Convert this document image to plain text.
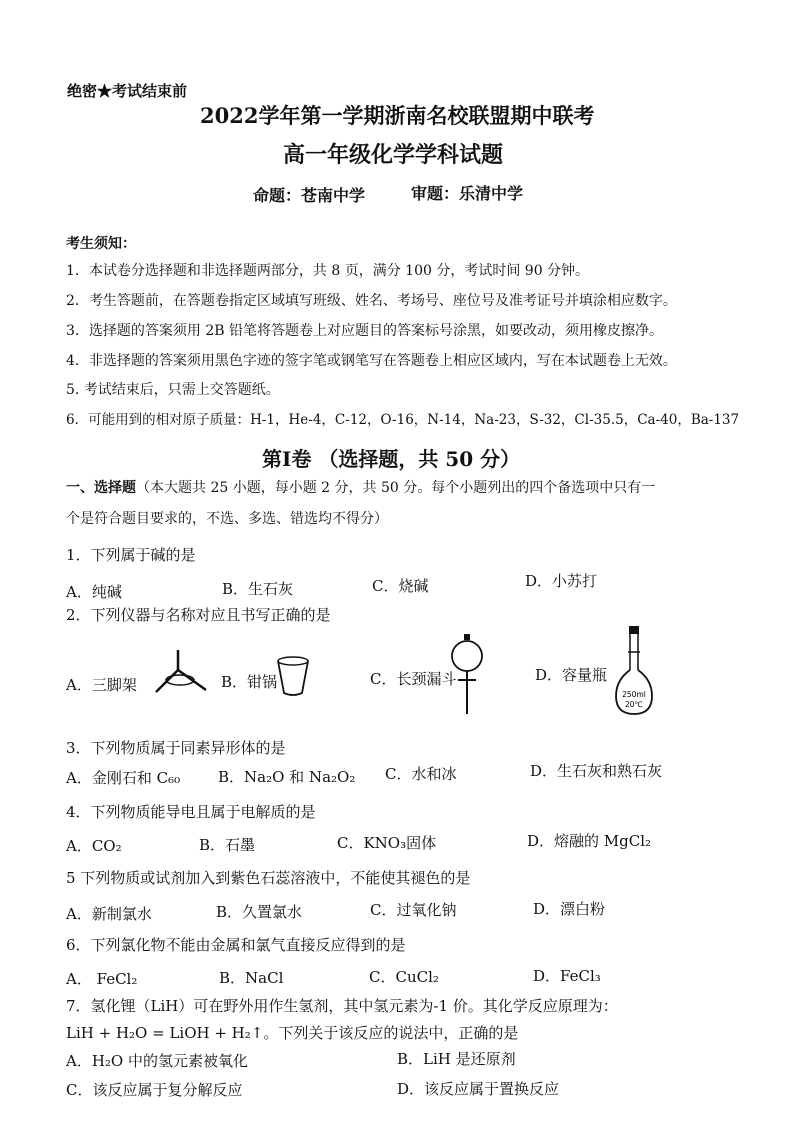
绝密★考试结束前
2022学年第一学期浙南名校联盟期中联考
高一年级化学学科试题
命题：苍南中学	审题：乐清中学
考生须知：
1．本试卷分选择题和非选择题两部分，共 8 页，满分 100 分，考试时间 90 分钟。
2．考生答题前，在答题卷指定区域填写班级、姓名、考场号、座位号及准考证号并填涂相应数字。
3．选择题的答案须用 2B 铅笔将答题卷上对应题目的答案标号涂黑，如要改动，须用橡皮擦净。
4．非选择题的答案须用黑色字迹的签字笔或钢笔写在答题卷上相应区域内，写在本试题卷上无效。
5. 考试结束后，只需上交答题纸。
6．可能用到的相对原子质量：H-1，He-4，C-12，O-16，N-14，Na-23，S-32，Cl-35.5，Ca-40，Ba-137
第Ⅰ卷 （选择题，共 50 分）
一、选择题（本大题共 25 小题，每小题 2 分，共 50 分。每个小题列出的四个备选项中只有一
个是符合题目要求的，不选、多选、错选均不得分）
1．下列属于碱的是
A．纯碱	B．生石灰	C．烧碱	D．小苏打
2．下列仪器与名称对应且书写正确的是
A．三脚架	B．钳锅	C．长颈漏斗	D．容量瓶
250ml
20℃
3．下列物质属于同素异形体的是
A．金刚石和 C₆₀	B．Na₂O 和 Na₂O₂ C．水和冰	D．生石灰和熟石灰
4．下列物质能导电且属于电解质的是
A．CO₂	B．石墨	C．KNO₃固体	D．熔融的 MgCl₂
5 下列物质或试剂加入到紫色石蕊溶液中，不能使其褪色的是
A．新制氯水	B．久置氯水	C．过氧化钠	D．漂白粉
6．下列氯化物不能由金属和氯气直接反应得到的是
A． FeCl₂	B．NaCl	C．CuCl₂	D．FeCl₃
7．氢化锂（LiH）可在野外用作生氢剂，其中氢元素为-1 价。其化学反应原理为：
LiH + H₂O = LiOH + H₂↑。下列关于该反应的说法中，正确的是
A．H₂O 中的氢元素被氧化	B．LiH 是还原剂
C．该反应属于复分解反应	D．该反应属于置换反应
